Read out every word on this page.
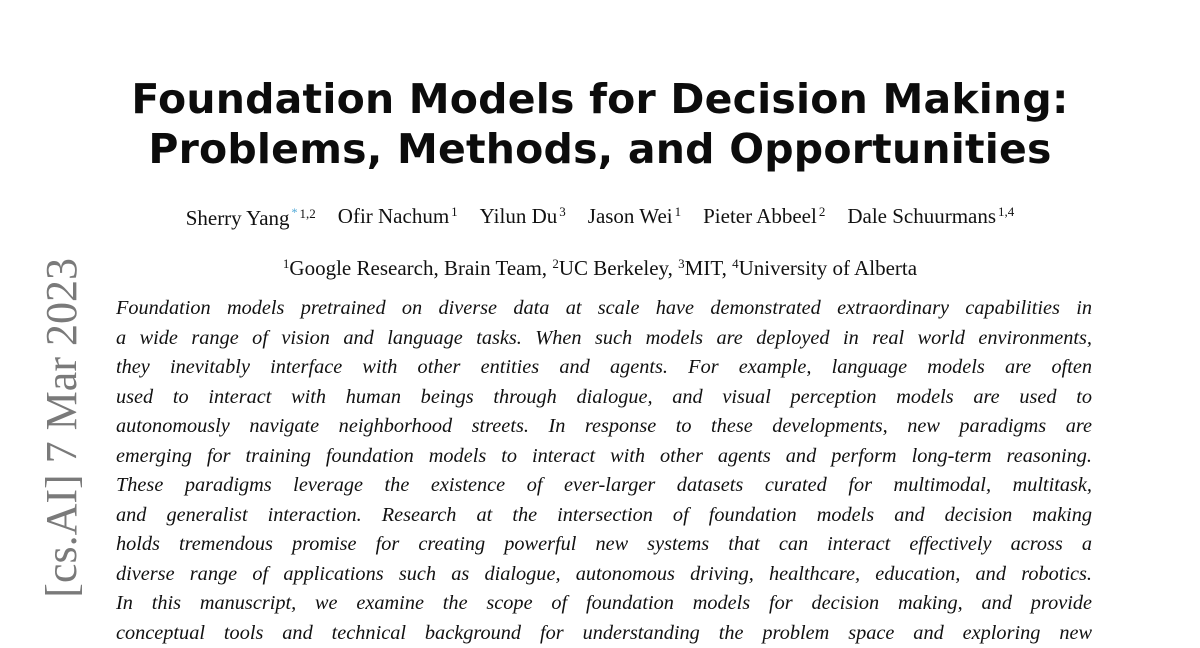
[cs.AI] 7 Mar 2023
Foundation Models for Decision Making:
Problems, Methods, and Opportunities
Sherry Yang * $^{1,2}$ Ofir Nachum $^1$ Yilun Du $^3$ Jason Wei $^1$ Pieter Abbeel $^2$ Dale Schuurmans $^{1,4}$
$^1$Google Research, Brain Team, $^2$UC Berkeley, $^3$MIT, $^4$University of Alberta
Foundation models pretrained on diverse data at scale have demonstrated extraordinary capabilities in
a wide range of vision and language tasks. When such models are deployed in real world environments,
they inevitably interface with other entities and agents. For example, language models are often
used to interact with human beings through dialogue, and visual perception models are used to
autonomously navigate neighborhood streets. In response to these developments, new paradigms are
emerging for training foundation models to interact with other agents and perform long-term reasoning.
These paradigms leverage the existence of ever-larger datasets curated for multimodal, multitask,
and generalist interaction. Research at the intersection of foundation models and decision making
holds tremendous promise for creating powerful new systems that can interact effectively across a
diverse range of applications such as dialogue, autonomous driving, healthcare, education, and robotics.
In this manuscript, we examine the scope of foundation models for decision making, and provide
conceptual tools and technical background for understanding the problem space and exploring new
